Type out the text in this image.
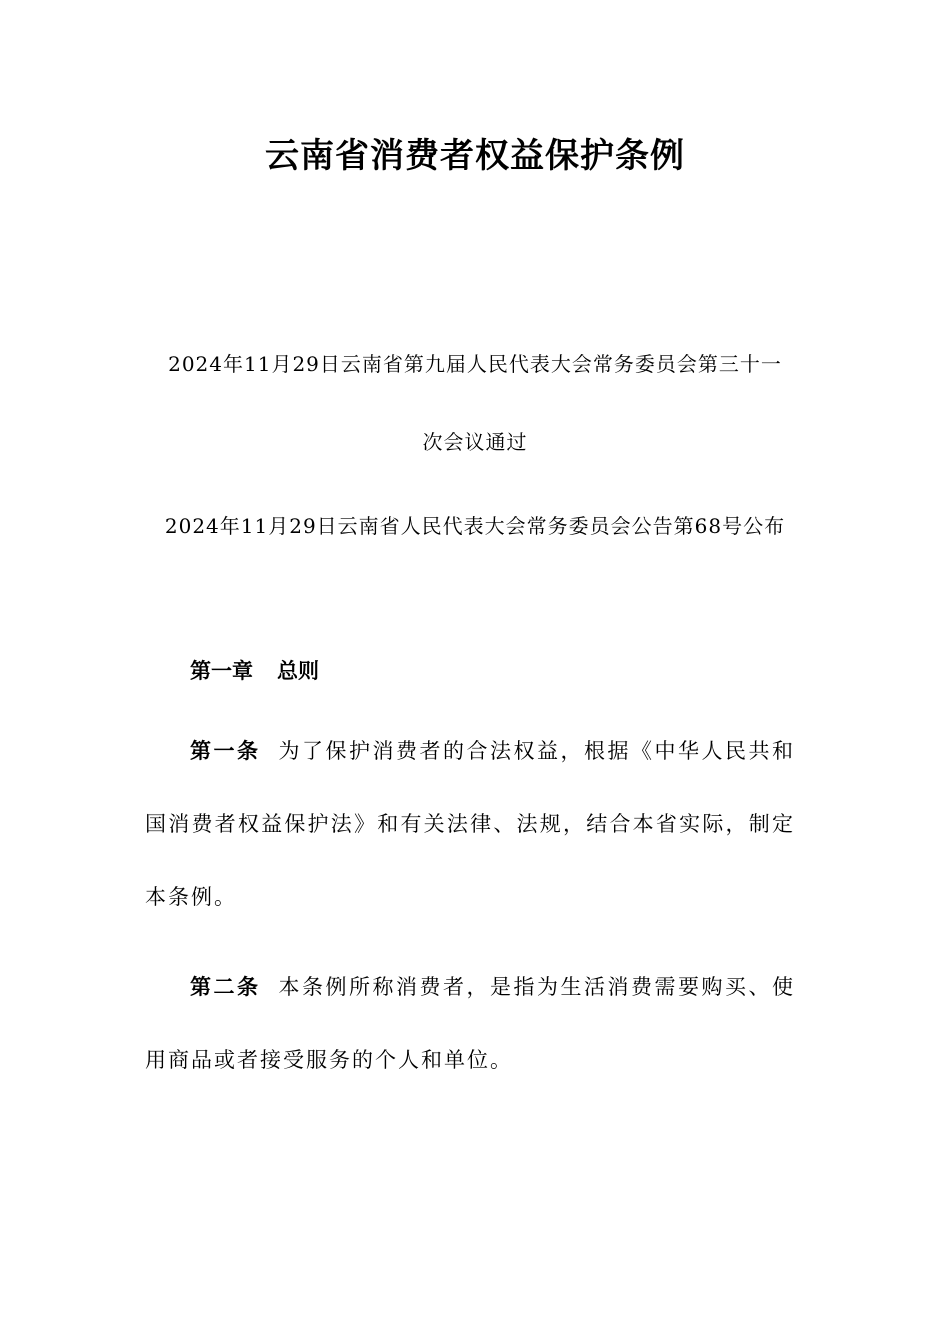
云南省消费者权益保护条例
2024年11月29日云南省第九届人民代表大会常务委员会第三十一
次会议通过
2024年11月29日云南省人民代表大会常务委员会公告第68号公布
第一章 总则
第一条 为了保护消费者的合法权益，根据《中华人民共和国消费者权益保护法》和有关法律、法规，结合本省实际，制定本条例。
第二条 本条例所称消费者，是指为生活消费需要购买、使用商品或者接受服务的个人和单位。
